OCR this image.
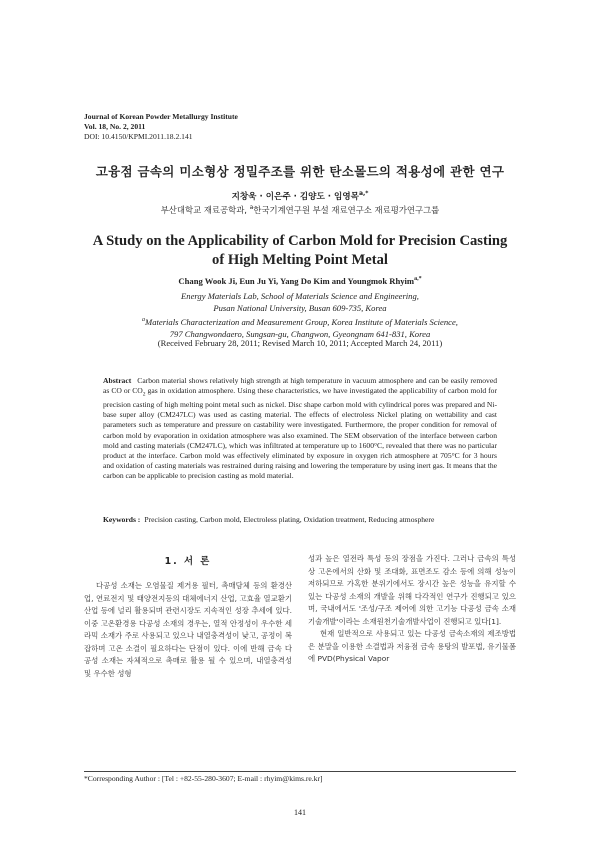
Journal of Korean Powder Metallurgy Institute
Vol. 18, No. 2, 2011
DOI: 10.4150/KPMI.2011.18.2.141
고융점 금속의 미소형상 정밀주조를 위한 탄소몰드의 적용성에 관한 연구
지창욱 · 이은주 · 김양도 · 임영목$^{a,*}$
부산대학교 재료공학과, $^a$한국기계연구원 부설 재료연구소 재료평가연구그룹
A Study on the Applicability of Carbon Mold for Precision Casting
of High Melting Point Metal
Chang Wook Ji, Eun Ju Yi, Yang Do Kim and Youngmok Rhyim$^{a,*}$
Energy Materials Lab, School of Materials Science and Engineering,
Pusan National University, Busan 609-735, Korea
$^a$Materials Characterization and Measurement Group, Korea Institute of Materials Science,
797 Changwondaero, Sungsan-gu, Changwon, Gyeongnam 641-831, Korea
(Received February 28, 2011; Revised March 10, 2011; Accepted March 24, 2011)
Abstract Carbon material shows relatively high strength at high temperature in vacuum atmosphere and can be easily removed as CO or $CO_2$ gas in oxidation atmosphere. Using these characteristics, we have investigated the applicability of carbon mold for precision casting of high melting point metal such as nickel. Disc shape carbon mold with cylindrical pores was prepared and Ni-base super alloy (CM247LC) was used as casting material. The effects of electroless Nickel plating on wettability and cast parameters such as temperature and pressure on castability were investigated. Furthermore, the proper condition for removal of carbon mold by evaporation in oxidation atmosphere was also examined. The SEM observation of the interface between carbon mold and casting materials (CM247LC), which was infiltrated at temperature up to 1600°C, revealed that there was no particular product at the interface. Carbon mold was effectively eliminated by exposure in oxygen rich atmosphere at 705°C for 3 hours and oxidation of casting materials was restrained during raising and lowering the temperature by using inert gas. It means that the carbon can be applicable to precision casting as mold material.
Keywords : Precision casting, Carbon mold, Electroless plating, Oxidation treatment, Reducing atmosphere
1. 서 론

다공성 소재는 오염물질 제거용 필터, 촉매담체 등의 환경산업, 연료전지 및 태양전지등의 대체에너지 산업, 고효율 열교환기 산업 등에 널리 활용되며 관련시장도 지속적인 성장 추세에 있다. 이중 고온환경용 다공성 소재의 경우는, 열적 안정성이 우수한 세라믹 소재가 주로 사용되고 있으나 내열충격성이 낮고, 공정이 복잡하며 고온 소결이 필요하다는 단점이 있다. 이에 반해 금속 다공성 소재는 자체적으로 촉매로 활용 될 수 있으며, 내열충격성 및 우수한 성형

성과 높은 열전라 특성 등의 장점을 가진다. 그러나 금속의 특성상 고온에서의 산화 및 조대화, 표면조도 감소 등에 의해 성능이 저하되므로 가혹한 분위기에서도 장시간 높은 성능을 유지할 수 있는 다공성 소재의 개발을 위해 다각적인 연구가 진행되고 있으며, 국내에서도 '조성/구조 제어에 의한 고기능 다공성 금속 소재 기술개발'이라는 소재원천기술개발사업이 진행되고 있다[1].

현재 일반적으로 사용되고 있는 다공성 금속소재의 제조방법은 분말을 이용한 소결법과 저융점 금속 용탕의 발포법, 유기물폼에 PVD(Physical Vapor

*Corresponding Author : [Tel : +82-55-280-3607; E-mail : rhyim@kims.re.kr]
141
